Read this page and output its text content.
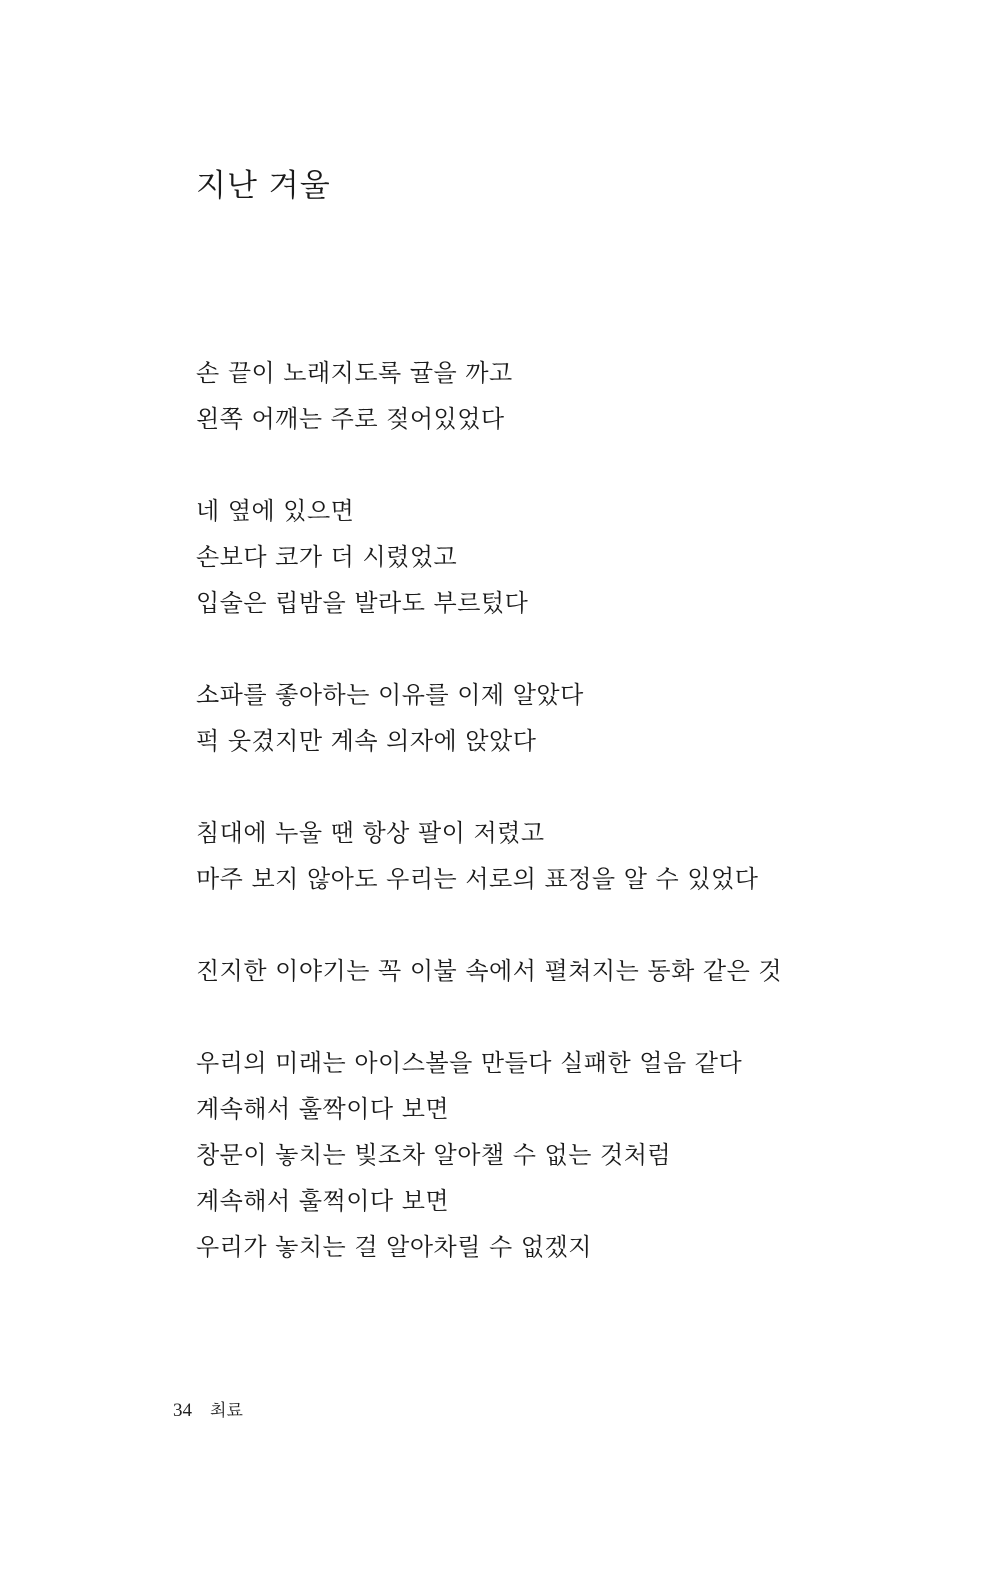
지난 겨울
손 끝이 노래지도록 귤을 까고
왼쪽 어깨는 주로 젖어있었다
네 옆에 있으면
손보다 코가 더 시렸었고
입술은 립밤을 발라도 부르텄다
소파를 좋아하는 이유를 이제 알았다
퍽 웃겼지만 계속 의자에 앉았다
침대에 누울 땐 항상 팔이 저렸고
마주 보지 않아도 우리는 서로의 표정을 알 수 있었다
진지한 이야기는 꼭 이불 속에서 펼쳐지는 동화 같은 것
우리의 미래는 아이스볼을 만들다 실패한 얼음 같다
계속해서 훌짝이다 보면
창문이 놓치는 빛조차 알아챌 수 없는 것처럼
계속해서 훌쩍이다 보면
우리가 놓치는 걸 알아차릴 수 없겠지
34 최료
